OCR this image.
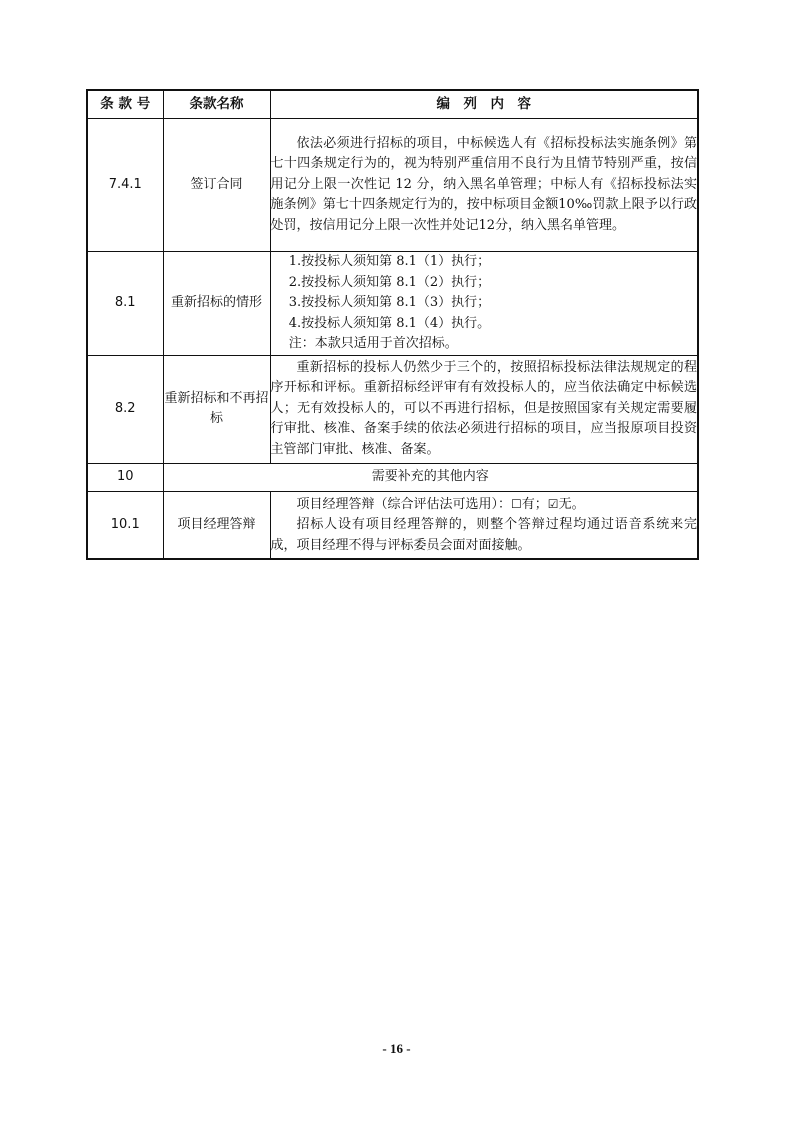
条 款 号	条款名称	编　列　内　容
7.4.1	签订合同	依法必须进行招标的项目，中标候选人有《招标投标法实施条例》第七十四条规定行为的，视为特别严重信用不良行为且情节特别严重，按信用记分上限一次性记 12 分，纳入黑名单管理；中标人有《招标投标法实施条例》第七十四条规定行为的，按中标项目金额10‰罚款上限予以行政处罚，按信用记分上限一次性并处记12分，纳入黑名单管理。

8.1	重新招标的情形	1.按投标人须知第 8.1（1）执行；

2.按投标人须知第 8.1（2）执行；

3.按投标人须知第 8.1（3）执行；

4.按投标人须知第 8.1（4）执行。

注：本款只适用于首次招标。

8.2	重新招标和不再招标	重新招标的投标人仍然少于三个的，按照招标投标法律法规规定的程序开标和评标。重新招标经评审有有效投标人的，应当依法确定中标候选人；无有效投标人的，可以不再进行招标，但是按照国家有关规定需要履行审批、核准、备案手续的依法必须进行招标的项目，应当报原项目投资主管部门审批、核准、备案。

10	需要补充的其他内容	
10.1	项目经理答辩	项目经理答辩（综合评估法可选用）：☐有；☑无。

招标人设有项目经理答辩的，则整个答辩过程均通过语音系统来完成，项目经理不得与评标委员会面对面接触。

- 16 -
